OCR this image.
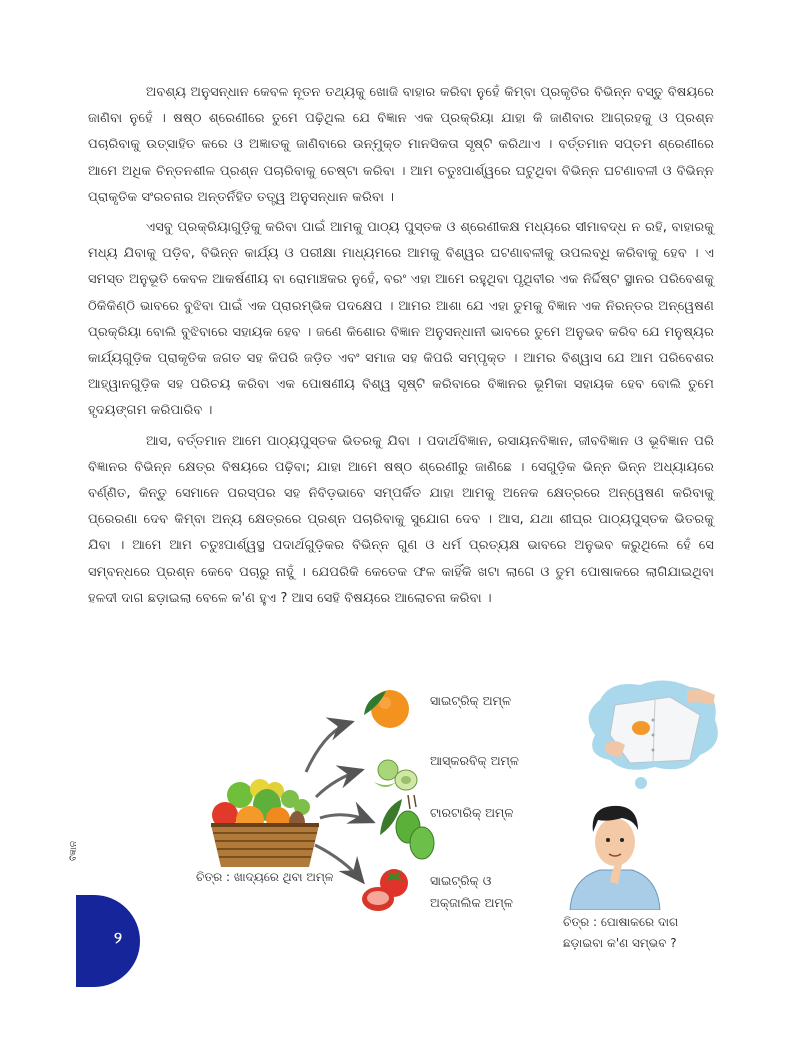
ଅବଶ୍ୟ ଅନୁସନ୍ଧାନ କେବଳ ନୂତନ ତଥ୍ୟକୁ ଖୋଜି ବାହାର କରିବା ନୁହେଁ କିମ୍ବା ପ୍ରକୃତିର ବିଭିନ୍ନ ବସ୍ତୁ ବିଷୟରେ ଜାଣିବା ନୁହେଁ । ଷଷ୍ଠ ଶ୍ରେଣୀରେ ତୁମେ ପଢ଼ିଥିଲ ଯେ ବିଜ୍ଞାନ ଏକ ପ୍ରକ୍ରିୟା ଯାହା କି ଜାଣିବାର ଆଗ୍ରହକୁ ଓ ପ୍ରଶ୍ନ ପଚାରିବାକୁ ଉତ୍ସାହିତ କରେ ଓ ଅଜ୍ଞାତକୁ ଜାଣିବାରେ ଉନ୍ମୁକ୍ତ ମାନସିକତା ସୃଷ୍ଟି କରିଥାଏ । ବର୍ତ୍ତମାନ ସପ୍ତମ ଶ୍ରେଣୀରେ ଆମେ ଅଧିକ ଚିନ୍ତନଶୀଳ ପ୍ରଶ୍ନ ପଚାରିବାକୁ ଚେଷ୍ଟା କରିବା । ଆମ ଚତୁଃପାର୍ଶ୍ୱରେ ଘଟୁଥିବା ବିଭିନ୍ନ ଘଟଣାବଳୀ ଓ ବିଭିନ୍ନ ପ୍ରାକୃତିକ ସଂରଚନାର ଅନ୍ତର୍ନିହିତ ତତ୍ତ୍ୱ ଅନୁସନ୍ଧାନ କରିବା ।

ଏସବୁ ପ୍ରକ୍ରିୟାଗୁଡ଼ିକୁ କରିବା ପାଇଁ ଆମକୁ ପାଠ୍ୟ ପୁସ୍ତକ ଓ ଶ୍ରେଣୀକକ୍ଷ ମଧ୍ୟରେ ସୀମାବଦ୍ଧ ନ ରହି, ବାହାରକୁ ମଧ୍ୟ ଯିବାକୁ ପଡ଼ିବ, ବିଭିନ୍ନ କାର୍ଯ୍ୟ ଓ ପରୀକ୍ଷା ମାଧ୍ୟମରେ ଆମକୁ ବିଶ୍ୱର ଘଟଣାବଳୀକୁ ଉପଲବ୍ଧି କରିବାକୁ ହେବ । ଏ ସମସ୍ତ ଅନୁଭୂତି କେବଳ ଆକର୍ଷଣୀୟ ବା ରୋମାଞ୍ଚକର ନୁହେଁ, ବରଂ ଏହା ଆମେ ରହୁଥିବା ପୃଥିବୀର ଏକ ନିର୍ଦ୍ଦିଷ୍ଟ ସ୍ଥାନର ପରିବେଶକୁ ଠିକିକିଣ୍ଠି ଭାବରେ ବୁଝିବା ପାଇଁ ଏକ ପ୍ରାରମ୍ଭିକ ପଦକ୍ଷେପ । ଆମର ଆଶା ଯେ ଏହା ତୁମକୁ ବିଜ୍ଞାନ ଏକ ନିରନ୍ତର ଅନ୍ୱେଷଣ ପ୍ରକ୍ରିୟା ବୋଲି ବୁଝିବାରେ ସହାୟକ ହେବ । ଜଣେ କିଶୋର ବିଜ୍ଞାନ ଅନୁସନ୍ଧାନୀ ଭାବରେ ତୁମେ ଅନୁଭବ କରିବ ଯେ ମନୁଷ୍ୟର କାର୍ଯ୍ୟଗୁଡ଼ିକ ପ୍ରାକୃତିକ ଜଗତ ସହ କିପରି ଜଡ଼ିତ ଏବଂ ସମାଜ ସହ କିପରି ସମ୍ପୃକ୍ତ । ଆମର ବିଶ୍ୱାସ ଯେ ଆମ ପରିବେଶର ଆହ୍ୱାନଗୁଡ଼ିକ ସହ ପରିଚୟ କରିବା ଏକ ପୋଷଣୀୟ ବିଶ୍ୱ ସୃଷ୍ଟି କରିବାରେ ବିଜ୍ଞାନର ଭୂମିକା ସହାୟକ ହେବ ବୋଲି ତୁମେ ହୃଦୟଙ୍ଗମ କରିପାରିବ ।

ଆସ, ବର୍ତ୍ତମାନ ଆମେ ପାଠ୍ୟପୁସ୍ତକ ଭିତରକୁ ଯିବା । ପଦାର୍ଥବିଜ୍ଞାନ, ରସାୟନବିଜ୍ଞାନ, ଜୀବବିଜ୍ଞାନ ଓ ଭୂବିଜ୍ଞାନ ପରି ବିଜ୍ଞାନର ବିଭିନ୍ନ କ୍ଷେତ୍ର ବିଷୟରେ ପଢ଼ିବା; ଯାହା ଆମେ ଷଷ୍ଠ ଶ୍ରେଣୀରୁ ଜାଣିଛେ । ସେଗୁଡ଼ିକ ଭିନ୍ନ ଭିନ୍ନ ଅଧ୍ୟାୟରେ ବର୍ଣ୍ଣିତ, କିନ୍ତୁ ସେମାନେ ପରସ୍ପର ସହ ନିବିଡ଼ଭାବେ ସମ୍ପର୍କିତ ଯାହା ଆମକୁ ଅନେକ କ୍ଷେତ୍ରରେ ଅନ୍ୱେଷଣ କରିବାକୁ ପ୍ରେରଣା ଦେବ କିମ୍ବା ଅନ୍ୟ କ୍ଷେତ୍ରରେ ପ୍ରଶ୍ନ ପଚାରିବାକୁ ସୁଯୋଗ ଦେବ । ଆସ, ଯଥା ଶୀଘ୍ର ପାଠ୍ୟପୁସ୍ତକ ଭିତରକୁ ଯିବା । ଆମେ ଆମ ଚତୁଃପାର୍ଶ୍ୱସ୍ଥ ପଦାର୍ଥଗୁଡ଼ିକର ବିଭିନ୍ନ ଗୁଣ ଓ ଧର୍ମ ପ୍ରତ୍ୟକ୍ଷ ଭାବରେ ଅନୁଭବ କରୁଥିଲେ ହେଁ ସେ ସମ୍ବନ୍ଧରେ ପ୍ରଶ୍ନ କେବେ ପଚାରୁ ନାହୁଁ । ଯେପରିକି କେତେକ ଫଳ କାହିଁକି ଖଟା ଲାଗେ ଓ ତୁମ ପୋଷାକରେ ଲାଗିଯାଇଥିବା ହଳଦୀ ଦାଗ ଛଡ଼ାଇଲା ବେଳେ କ'ଣ ହୁଏ ? ଆସ ସେହି ବିଷୟରେ ଆଲୋଚନା କରିବା ।

ଚିତ୍ର : ଖାଦ୍ୟରେ ଥିବା ଅମ୍ଳ
ସାଇଟ୍ରିକ୍ ଅମ୍ଳ
ଆସ୍କରବିକ୍ ଅମ୍ଳ
ଟାରଟାରିକ୍ ଅମ୍ଳ
ସାଇଟ୍ରିକ୍ ଓ
ଅକ୍ଜାଲିକ ଅମ୍ଳ
ଚିତ୍ର : ପୋଷାକରେ ଦାଗ
ଛଡ଼ାଇବା କ'ଣ ସମ୍ଭବ ?
ବିଜ୍ଞାନ
୨
